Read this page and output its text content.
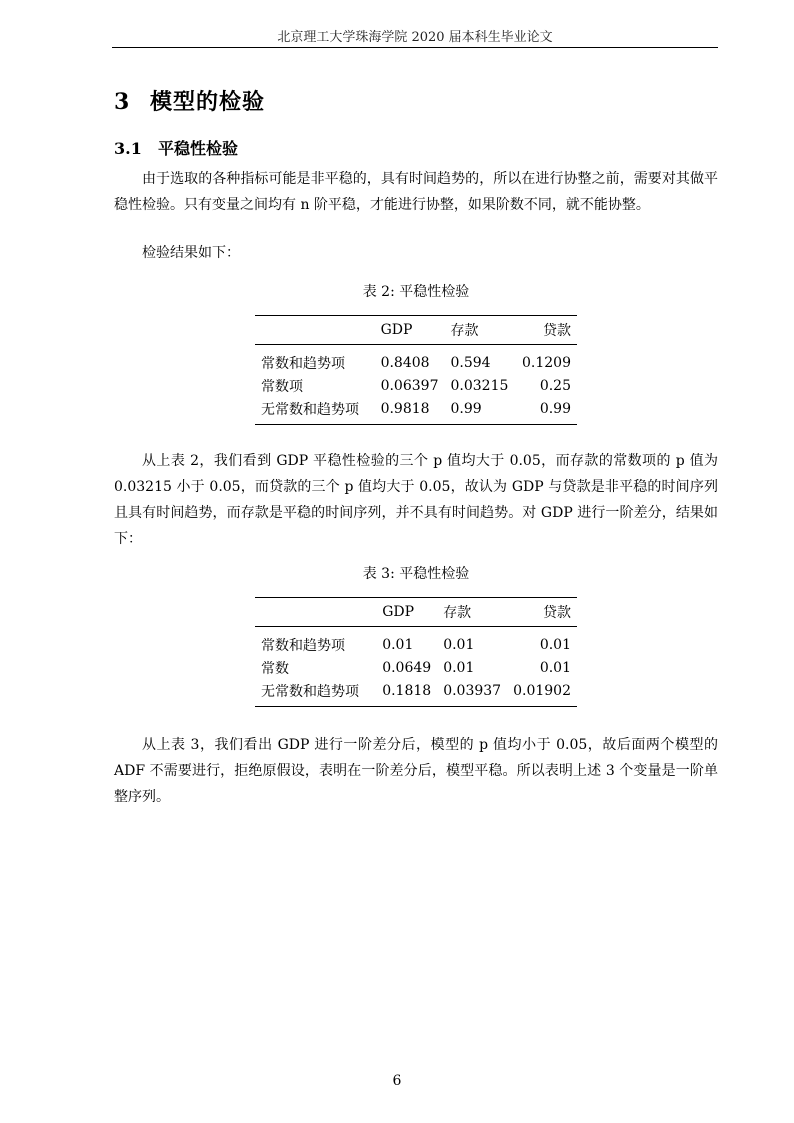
北京理工大学珠海学院 2020 届本科生毕业论文
3 模型的检验
3.1 平稳性检验

由于选取的各种指标可能是非平稳的，具有时间趋势的，所以在进行协整之前，需要对其做平稳性检验。只有变量之间均有 n 阶平稳，才能进行协整，如果阶数不同，就不能协整。

检验结果如下：

表 2: 平稳性检验
	GDP	存款	贷款
常数和趋势项	0.8408	0.594	0.1209
常数项	0.06397	0.03215	0.25
无常数和趋势项	0.9818	0.99	0.99

从上表 2，我们看到 GDP 平稳性检验的三个 p 值均大于 0.05，而存款的常数项的 p 值为 0.03215 小于 0.05，而贷款的三个 p 值均大于 0.05，故认为 GDP 与贷款是非平稳的时间序列且具有时间趋势，而存款是平稳的时间序列，并不具有时间趋势。对 GDP 进行一阶差分，结果如下：

表 3: 平稳性检验
	GDP	存款	贷款
常数和趋势项	0.01	0.01	0.01
常数	0.0649	0.01	0.01
无常数和趋势项	0.1818	0.03937	0.01902

从上表 3，我们看出 GDP 进行一阶差分后，模型的 p 值均小于 0.05，故后面两个模型的 ADF 不需要进行，拒绝原假设，表明在一阶差分后，模型平稳。所以表明上述 3 个变量是一阶单整序列。

6
